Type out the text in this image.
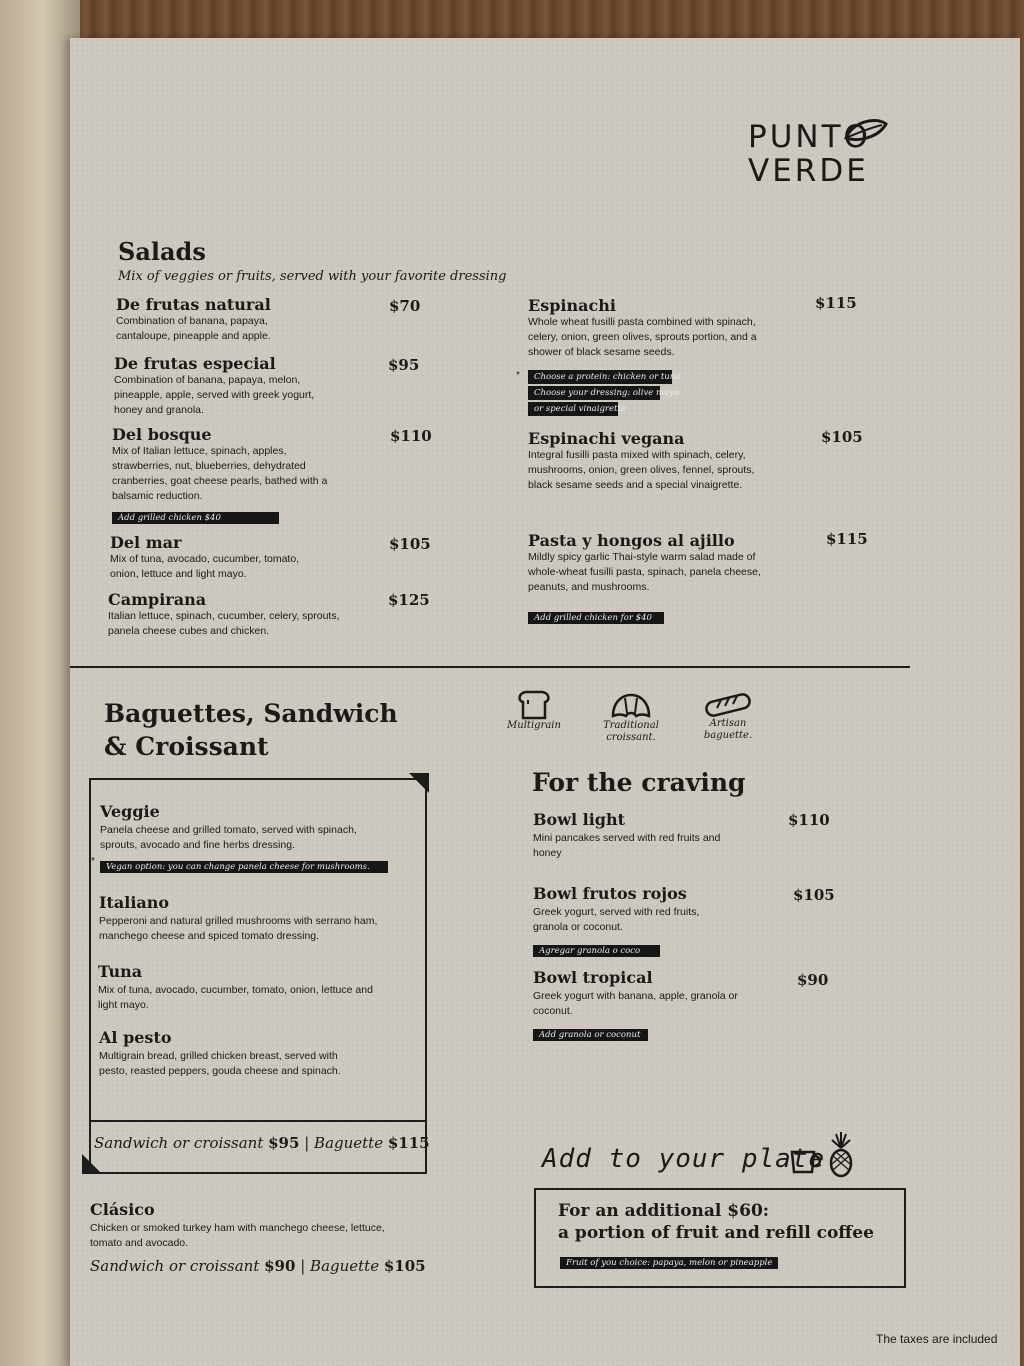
PUNTO
VERDE
Salads
Mix of veggies or fruits, served with your favorite dressing
De frutas natural
Combination of banana, papaya, cantaloupe, pineapple and apple.
$70
De frutas especial
Combination of banana, papaya, melon, pineapple, apple, served with greek yogurt, honey and granola.
$95
Del bosque
Mix of Italian lettuce, spinach, apples, strawberries, nut, blueberries, dehydrated cranberries, goat cheese pearls, bathed with a balsamic reduction.
Add grilled chicken $40
$110
Del mar
Mix of tuna, avocado, cucumber, tomato, onion, lettuce and light mayo.
$105
Campirana
Italian lettuce, spinach, cucumber, celery, sprouts, panela cheese cubes and chicken.
$125
Espinachi
Whole wheat fusilli pasta combined with spinach, celery, onion, green olives, sprouts portion, and a shower of black sesame seeds.
*	Choose a protein: chicken or tuna
Choose your dressing: olive mayo
or special vinaigrette
$115
Espinachi vegana
Integral fusilli pasta mixed with spinach, celery, mushrooms, onion, green olives, fennel, sprouts, black sesame seeds and a special vinaigrette.
$105
Pasta y hongos al ajillo
Mildly spicy garlic Thai-style warm salad made of whole-wheat fusilli pasta, spinach, panela cheese, peanuts, and mushrooms.
Add grilled chicken for $40
$115
Baguettes, Sandwich
& Croissant
Multigrain	Traditional croissant.
Artisan baguette.
Veggie
Panela cheese and grilled tomato, served with spinach, sprouts, avocado and fine herbs dressing.
* Vegan option: you can change panela cheese for mushrooms.
Italiano
Pepperoni and natural grilled mushrooms with serrano ham, manchego cheese and spiced tomato dressing.
Tuna
Mix of tuna, avocado, cucumber, tomato, onion, lettuce and light mayo.
Al pesto
Multigrain bread, grilled chicken breast, served with pesto, reasted peppers, gouda cheese and spinach.
Sandwich or croissant $95 | Baguette $115
Clásico
Chicken or smoked turkey ham with manchego cheese, lettuce, tomato and avocado.
Sandwich or croissant $90 | Baguette $105
For the craving
Bowl light
Mini pancakes served with red fruits and honey
$110
Bowl frutos rojos
Greek yogurt, served with red fruits, granola or coconut.
Agregar granola o coco
$105
Bowl tropical
Greek yogurt with banana, apple, granola or coconut.
Add granola or coconut
$90
Add to your plate
For an additional $60:
a portion of fruit and refill coffee
Fruit of you choice: papaya, melon or pineapple
The taxes are included
